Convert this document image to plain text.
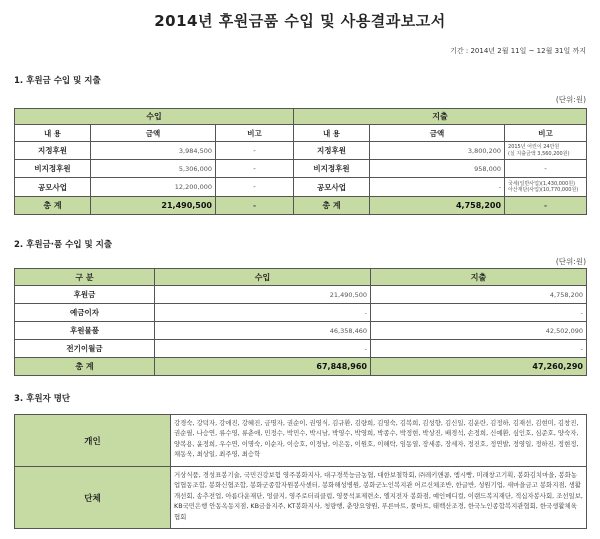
2014년 후원금품 수입 및 사용결과보고서
기간 : 2014년 2월 11일 ~ 12월 31일 까지
1. 후원금 수입 및 지출
(단위:원)
수입			지출		
내 용	금액	비고	내 용	금액	비고
지정후원	3,984,500	-	지정후원	3,800,200	2015년 어린이 24만원
(실 지출금액 3,560,200원)

비지정후원	5,306,000	-	비지정후원	958,000	-
공모사업	12,200,000	-	공모사업	-	국세(일반사업)(1,430,000원)
아산재단(사업)(10,770,000원)

총 계	21,490,500	-	총 계	4,758,200	-
2. 후원금·품 수입 및 지출
(단위:원)
구 분	수입	지출
후원금	21,490,500	4,758,200
예금이자	-	-
후원물품	46,358,460	42,502,090
전기이월금	-	-
총 계	67,848,960	47,260,290
3. 후원자 명단
개인	강경숙, 강덕자, 강애진, 강혜진, 금명자, 권순이, 권영식, 김규환, 김량희, 김영숙, 김복희, 김성향, 김신일, 김운란, 김정하, 김재선, 김현미, 김창진, 권순필, 나승연, 류수영, 류춘애, 민정수, 박민수, 박시남, 박영수, 박영희, 박종수, 박정현, 박상진, 배경석, 손정희, 신예환, 심인호, 심준호, 양숙자, 양복용, 윤정희, 우수연, 이명숙, 이순자, 이승호, 이정남, 이은동, 이원호, 이해탁, 임동열, 장세종, 장세자, 정진호, 정연발, 정영일, 정하진, 정현정, 채동욱, 최상일, 최주영, 최승학
단체	거상식품, 경성표봉기술, 국민건강보험 영주봉화지사, 대구경북능금농협, 대한보철학회, ㈜레키앤콤, 엠시빵, 미래창고기획, 봉화김치마을, 봉화농업협동조합, 봉화신협조합, 봉화군종합자원봉사센터, 봉화해성병원, 봉화군노인복지관 어르신체조반, 한글반, 성원기업, 새마을금고 봉화지점, 생활개선회, 송추전업, 아름다운재단, 엉클지, 영주로터리클럽, 영풍석포제련소, 엘지전자 봉화점, 예인메디컬, 이랜드복지재단, 적십자봉사회, 조선일보, KB국민은행 안동옥동지점, KB금융지주, KT봉화지사, 청량행, 춘양요양원, 푸른마트, 풀마트, 태백산조경, 한국노인종합복지관협회, 한국생활체육협회
